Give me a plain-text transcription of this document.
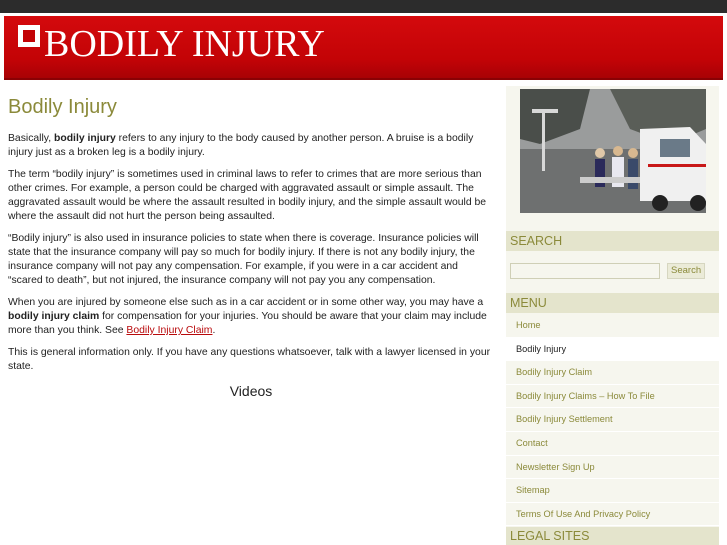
BODILY INJURY
Bodily Injury

Basically, bodily injury refers to any injury to the body caused by another person. A bruise is a bodily injury just as a broken leg is a bodily injury.

The term “bodily injury” is sometimes used in criminal laws to refer to crimes that are more serious than other crimes. For example, a person could be charged with aggravated assault or simple assault. The aggravated assault would be where the assault resulted in bodily injury, and the simple assault would be where the assault did not hurt the person being assaulted.

“Bodily injury” is also used in insurance policies to state when there is coverage. Insurance policies will state that the insurance company will pay so much for bodily injury. If there is not any bodily injury, the insurance company will not pay any compensation. For example, if you were in a car accident and “scared to death”, but not injured, the insurance company will not pay you any compensation.

When you are injured by someone else such as in a car accident or in some other way, you may have a bodily injury claim for compensation for your injuries. You should be aware that your claim may include more than you think. See Bodily Injury Claim.

This is general information only. If you have any questions whatsoever, talk with a lawyer licensed in your state.

Videos
SEARCH
Search
MENU
Home
Bodily Injury
Bodily Injury Claim
Bodily Injury Claims – How To File
Bodily Injury Settlement
Contact
Newsletter Sign Up
Sitemap
Terms Of Use And Privacy Policy
LEGAL SITES
